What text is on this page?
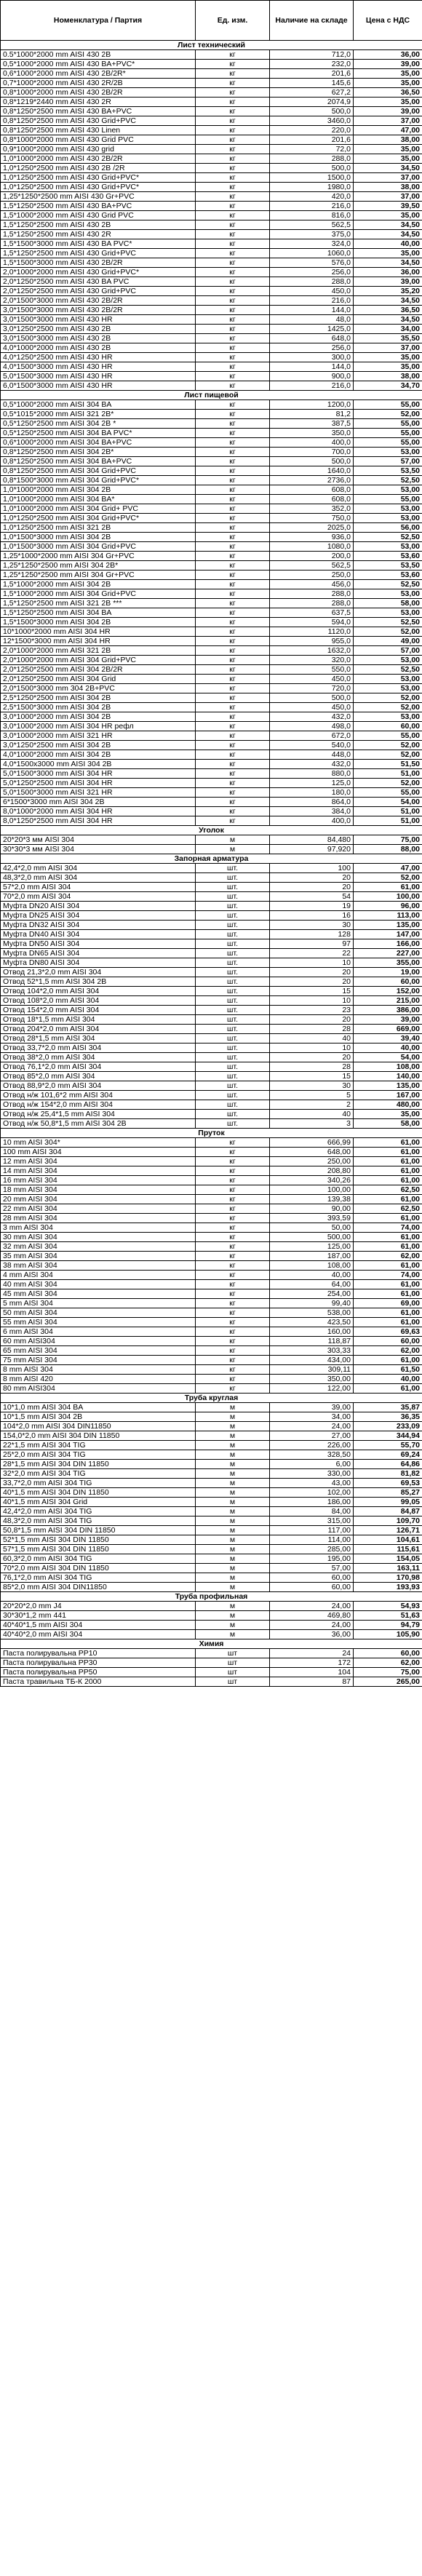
Номенклатура / Партия	Ед. изм.	Наличие на складе	Цена с НДС
Лист технический			
0.5*1000*2000 mm AISI 430 2B	кг	712,0	36,00
0,5*1000*2000 mm AISI 430 BA+PVC*	кг	232,0	39,00
0,6*1000*2000 mm AISI 430 2B/2R*	кг	201,6	35,00
0,7*1000*2000 mm AISI 430 2R/2B	кг	145,6	35,00
0,8*1000*2000 mm AISI 430 2B/2R	кг	627,2	36,50
0,8*1219*2440 mm AISI 430 2R	кг	2074,9	35,00
0,8*1250*2500 mm AISI 430 BA+PVC	кг	500,0	39,00
0,8*1250*2500 mm AISI 430 Grid+PVC	кг	3460,0	37,00
0,8*1250*2500 mm AISI 430 Linen	кг	220,0	47,00
0,8*1000*2000 mm AISI 430 Grid PVC	кг	201,6	38,00
0,9*1000*2000 mm AISI 430 grid	кг	72,0	35,00
1,0*1000*2000 mm AISI 430 2B/2R	кг	288,0	35,00
1,0*1250*2500 mm AISI 430 2B /2R	кг	500,0	34,50
1,0*1250*2500 mm AISI 430 Grid+PVC*	кг	1500,0	37,00
1,0*1250*2500 mm AISI 430 Grid+PVC*	кг	1980,0	38,00
1,25*1250*2500 mm AISI 430 Gr+PVC	кг	420,0	37,00
1,5*1250*2500 mm AISI 430 BA+PVC	кг	216,0	39,50
1,5*1000*2000 mm AISI 430 Grid PVC	кг	816,0	35,00
1,5*1250*2500 mm AISI 430 2B	кг	562,5	34,50
1,5*1250*2500 mm AISI 430 2R	кг	375,0	34,50
1,5*1500*3000 mm AISI 430 BA PVC*	кг	324,0	40,00
1,5*1250*2500 mm AISI 430 Grid+PVC	кг	1060,0	35,00
1,5*1500*3000 mm AISI 430 2B/2R	кг	576,0	34,50
2,0*1000*2000 mm AISI 430 Grid+PVC*	кг	256,0	36,00
2,0*1250*2500 mm AISI 430 BA PVC	кг	288,0	39,00
2,0*1250*2500 mm AISI 430 Grid+PVC	кг	450,0	35,20
2,0*1500*3000 mm AISI 430 2B/2R	кг	216,0	34,50
3,0*1500*3000 mm AISI 430 2B/2R	кг	144,0	36,50
3,0*1500*3000 mm AISI 430 HR	кг	48,0	34,50
3,0*1250*2500 mm AISI 430 2B	кг	1425,0	34,00
3,0*1500*3000 mm AISI 430 2B	кг	648,0	35,50
4,0*1000*2000 mm AISI 430 2B	кг	256,0	37,00
4,0*1250*2500 mm AISI 430 HR	кг	300,0	35,00
4,0*1500*3000 mm AISI 430 HR	кг	144,0	35,00
5,0*1500*3000 mm AISI 430 HR	кг	900,0	38,00
6,0*1500*3000 mm AISI 430 HR	кг	216,0	34,70
Лист пищевой			
0,5*1000*2000 mm AISI 304 BA	кг	1200,0	55,00
0,5*1015*2000 mm AISI 321 2B*	кг	81,2	52,00
0,5*1250*2500 mm AISI 304 2B *	кг	387,5	55,00
0,5*1250*2500 mm AISI 304 BA PVC*	кг	350,0	55,00
0,6*1000*2000 mm AISI 304 BA+PVC	кг	400,0	55,00
0,8*1250*2500 mm AISI 304 2B*	кг	700,0	53,00
0,8*1250*2500 mm AISI 304 BA+PVC	кг	500,0	57,00
0,8*1250*2500 mm AISI 304 Grid+PVC	кг	1640,0	53,50
0,8*1500*3000 mm AISI 304 Grid+PVC*	кг	2736,0	52,50
1,0*1000*2000 mm AISI 304 2B	кг	608,0	53,00
1,0*1000*2000 mm AISI 304 BA*	кг	608,0	55,00
1,0*1000*2000 mm AISI 304 Grid+ PVC	кг	352,0	53,00
1,0*1250*2500 mm AISI 304 Grid+PVC*	кг	750,0	53,00
1,0*1250*2500 mm AISI 321 2B	кг	2025,0	56,00
1,0*1500*3000 mm AISI 304 2B	кг	936,0	52,50
1,0*1500*3000 mm AISI 304 Grid+PVC	кг	1080,0	53,00
1,25*1000*2000 mm AISI 304 Gr+PVC	кг	200,0	53,60
1,25*1250*2500 mm AISI 304 2B*	кг	562,5	53,50
1,25*1250*2500 mm AISI 304 Gr+PVC	кг	250,0	53,60
1,5*1000*2000 mm AISI 304 2B	кг	456,0	52,50
1,5*1000*2000 mm AISI 304 Grid+PVC	кг	288,0	53,00
1,5*1250*2500 mm AISI 321 2B ***	кг	288,0	58,00
1,5*1250*2500 mm AISI 304 BA	кг	637,5	53,00
1,5*1500*3000 mm AISI 304 2B	кг	594,0	52,50
10*1000*2000 mm AISI 304 HR	кг	1120,0	52,00
12*1500*3000 mm AISI 304 HR	кг	955,0	49,00
2,0*1000*2000 mm AISI 321 2B	кг	1632,0	57,00
2,0*1000*2000 mm AISI 304 Grid+PVC	кг	320,0	53,00
2,0*1250*2500 mm AISI 304 2B/2R	кг	550,0	52,50
2,0*1250*2500 mm AISI 304 Grid	кг	450,0	53,00
2,0*1500*3000 mm 304 2B+PVC	кг	720,0	53,00
2,5*1250*2500 mm AISI 304 2B	кг	500,0	52,00
2,5*1500*3000 mm AISI 304 2B	кг	450,0	52,00
3,0*1000*2000 mm AISI 304 2B	кг	432,0	53,00
3,0*1000*2000 mm AISI 304 HR рефл	кг	498,0	60,00
3,0*1000*2000 mm AISI 321 HR	кг	672,0	55,00
3,0*1250*2500 mm AISI 304 2B	кг	540,0	52,00
4,0*1000*2000 mm AISI 304 2B	кг	448,0	52,00
4,0*1500x3000 mm AISI 304 2B	кг	432,0	51,50
5,0*1500*3000 mm AISI 304 HR	кг	880,0	51,00
5,0*1250*2500 mm AISI 304 HR	кг	125,0	52,00
5,0*1500*3000 mm AISI 321 HR	кг	180,0	55,00
6*1500*3000 mm AISI 304 2B	кг	864,0	54,00
8,0*1000*2000 mm AISI 304 HR	кг	384,0	51,00
8,0*1250*2500 mm AISI 304 HR	кг	400,0	51,00
Уголок			
20*20*3 мм AISI 304	м	84,480	75,00
30*30*3 мм AISI 304	м	97,920	88,00
Запорная арматура			
42,4*2,0 mm AISI 304	шт.	100	47,00
48,3*2,0 mm AISI 304	шт.	20	52,00
57*2,0 mm AISI 304	шт.	20	61,00
70*2,0 mm AISI 304	шт.	54	100,00
Муфта DN20 AISI 304	шт.	19	96,00
Муфта DN25 AISI 304	шт.	16	113,00
Муфта DN32 AISI 304	шт.	30	135,00
Муфта DN40 AISI 304	шт.	128	147,00
Муфта DN50 AISI 304	шт.	97	166,00
Муфта DN65 AISI 304	шт.	22	227,00
Муфта DN80 AISI 304	шт.	10	355,00
Отвод 21,3*2,0 mm AISI 304	шт.	20	19,00
Отвод 52*1,5 mm AISI 304 2B	шт.	20	60,00
Отвод 104*2,0 mm AISI 304	шт.	15	152,00
Отвод 108*2,0 mm AISI 304	шт.	10	215,00
Отвод 154*2,0 mm AISI 304	шт.	23	386,00
Отвод 18*1,5 mm AISI 304	шт.	20	39,00
Отвод 204*2,0 mm AISI 304	шт.	28	669,00
Отвод 28*1,5 mm AISI 304	шт.	40	39,40
Отвод 33,7*2,0 mm AISI 304	шт.	10	40,00
Отвод 38*2,0 mm AISI 304	шт.	20	54,00
Отвод 76,1*2,0 mm AISI 304	шт.	28	108,00
Отвод 85*2,0 mm AISI 304	шт.	15	140,00
Отвод 88,9*2,0 mm AISI 304	шт.	30	135,00
Отвод н/ж 101,6*2 mm AISI 304	шт.	5	167,00
Отвод н/ж 154*2,0 mm AISI 304	шт.	2	480,00
Отвод н/ж 25,4*1,5 mm AISI 304	шт.	40	35,00
Отвод н/ж 50,8*1,5 mm AISI 304 2B	шт.	3	58,00
Пруток			
10 mm AISI 304*	кг	666,99	61,00
100 mm AISI 304	кг	648,00	61,00
12 mm AISI 304	кг	250,00	61,00
14 mm AISI 304	кг	208,80	61,00
16 mm AISI 304	кг	340,26	61,00
18 mm AISI 304	кг	100,00	62,50
20 mm AISI 304	кг	139,38	61,00
22 mm AISI 304	кг	90,00	62,50
28 mm AISI 304	кг	393,59	61,00
3 mm AISI 304	кг	50,00	74,00
30 mm AISI 304	кг	500,00	61,00
32 mm AISI 304	кг	125,00	61,00
35 mm AISI 304	кг	187,00	62,00
38 mm AISI 304	кг	108,00	61,00
4 mm AISI 304	кг	40,00	74,00
40 mm AISI 304	кг	64,00	61,00
45 mm AISI 304	кг	254,00	61,00
5 mm AISI 304	кг	99,40	69,00
50 mm AISI 304	кг	538,00	61,00
55 mm AISI 304	кг	423,50	61,00
6 mm AISI 304	кг	160,00	69,63
60 mm AISI304	кг	118,87	60,00
65 mm AISI 304	кг	303,33	62,00
75 mm AISI 304	кг	434,00	61,00
8 mm AISI 304	кг	309,11	61,50
8 mm AISI 420	кг	350,00	40,00
80 mm AISI304	кг	122,00	61,00
Труба круглая			
10*1,0 mm AISI 304 BA	м	39,00	35,87
10*1,5 mm AISI 304 2B	м	34,00	36,35
104*2,0 mm AISI 304 DIN11850	м	24,00	233,09
154,0*2,0 mm AISI 304 DIN 11850	м	27,00	344,94
22*1,5 mm AISI 304 TIG	м	226,00	55,70
25*2,0 mm AISI 304 TIG	м	328,50	69,24
28*1,5 mm AISI 304 DIN 11850	м	6,00	64,86
32*2,0 mm AISI 304 TIG	м	330,00	81,82
33,7*2,0 mm AISI 304 TIG	м	43,00	69,53
40*1,5 mm AISI 304 DIN 11850	м	102,00	85,27
40*1,5 mm AISI 304 Grid	м	186,00	99,05
42,4*2,0 mm AISI 304 TIG	м	84,00	84,87
48,3*2,0 mm AISI 304 TIG	м	315,00	109,70
50,8*1,5 mm AISI 304 DIN 11850	м	117,00	126,71
52*1,5 mm AISI 304 DIN 11850	м	114,00	104,61
57*1,5 mm AISI 304 DIN 11850	м	285,00	115,61
60,3*2,0 mm AISI 304 TIG	м	195,00	154,05
70*2,0 mm AISI 304 DIN 11850	м	57,00	163,11
76,1*2,0 mm AISI 304 TIG	м	60,00	170,98
85*2,0 mm AISI 304 DIN11850	м	60,00	193,93
Труба профильная			
20*20*2,0 mm J4	м	24,00	54,93
30*30*1,2 mm 441	м	469,80	51,63
40*40*1,5 mm AISI 304	м	24,00	94,79
40*40*2,0 mm AISI 304	м	36,00	105,90
Химия			
Паста полирувальна PP10	шт	24	60,00
Паста полирувальна PP30	шт	172	62,00
Паста полирувальна PP50	шт	104	75,00
Паста травильна ТБ-К 2000	шт	87	265,00
